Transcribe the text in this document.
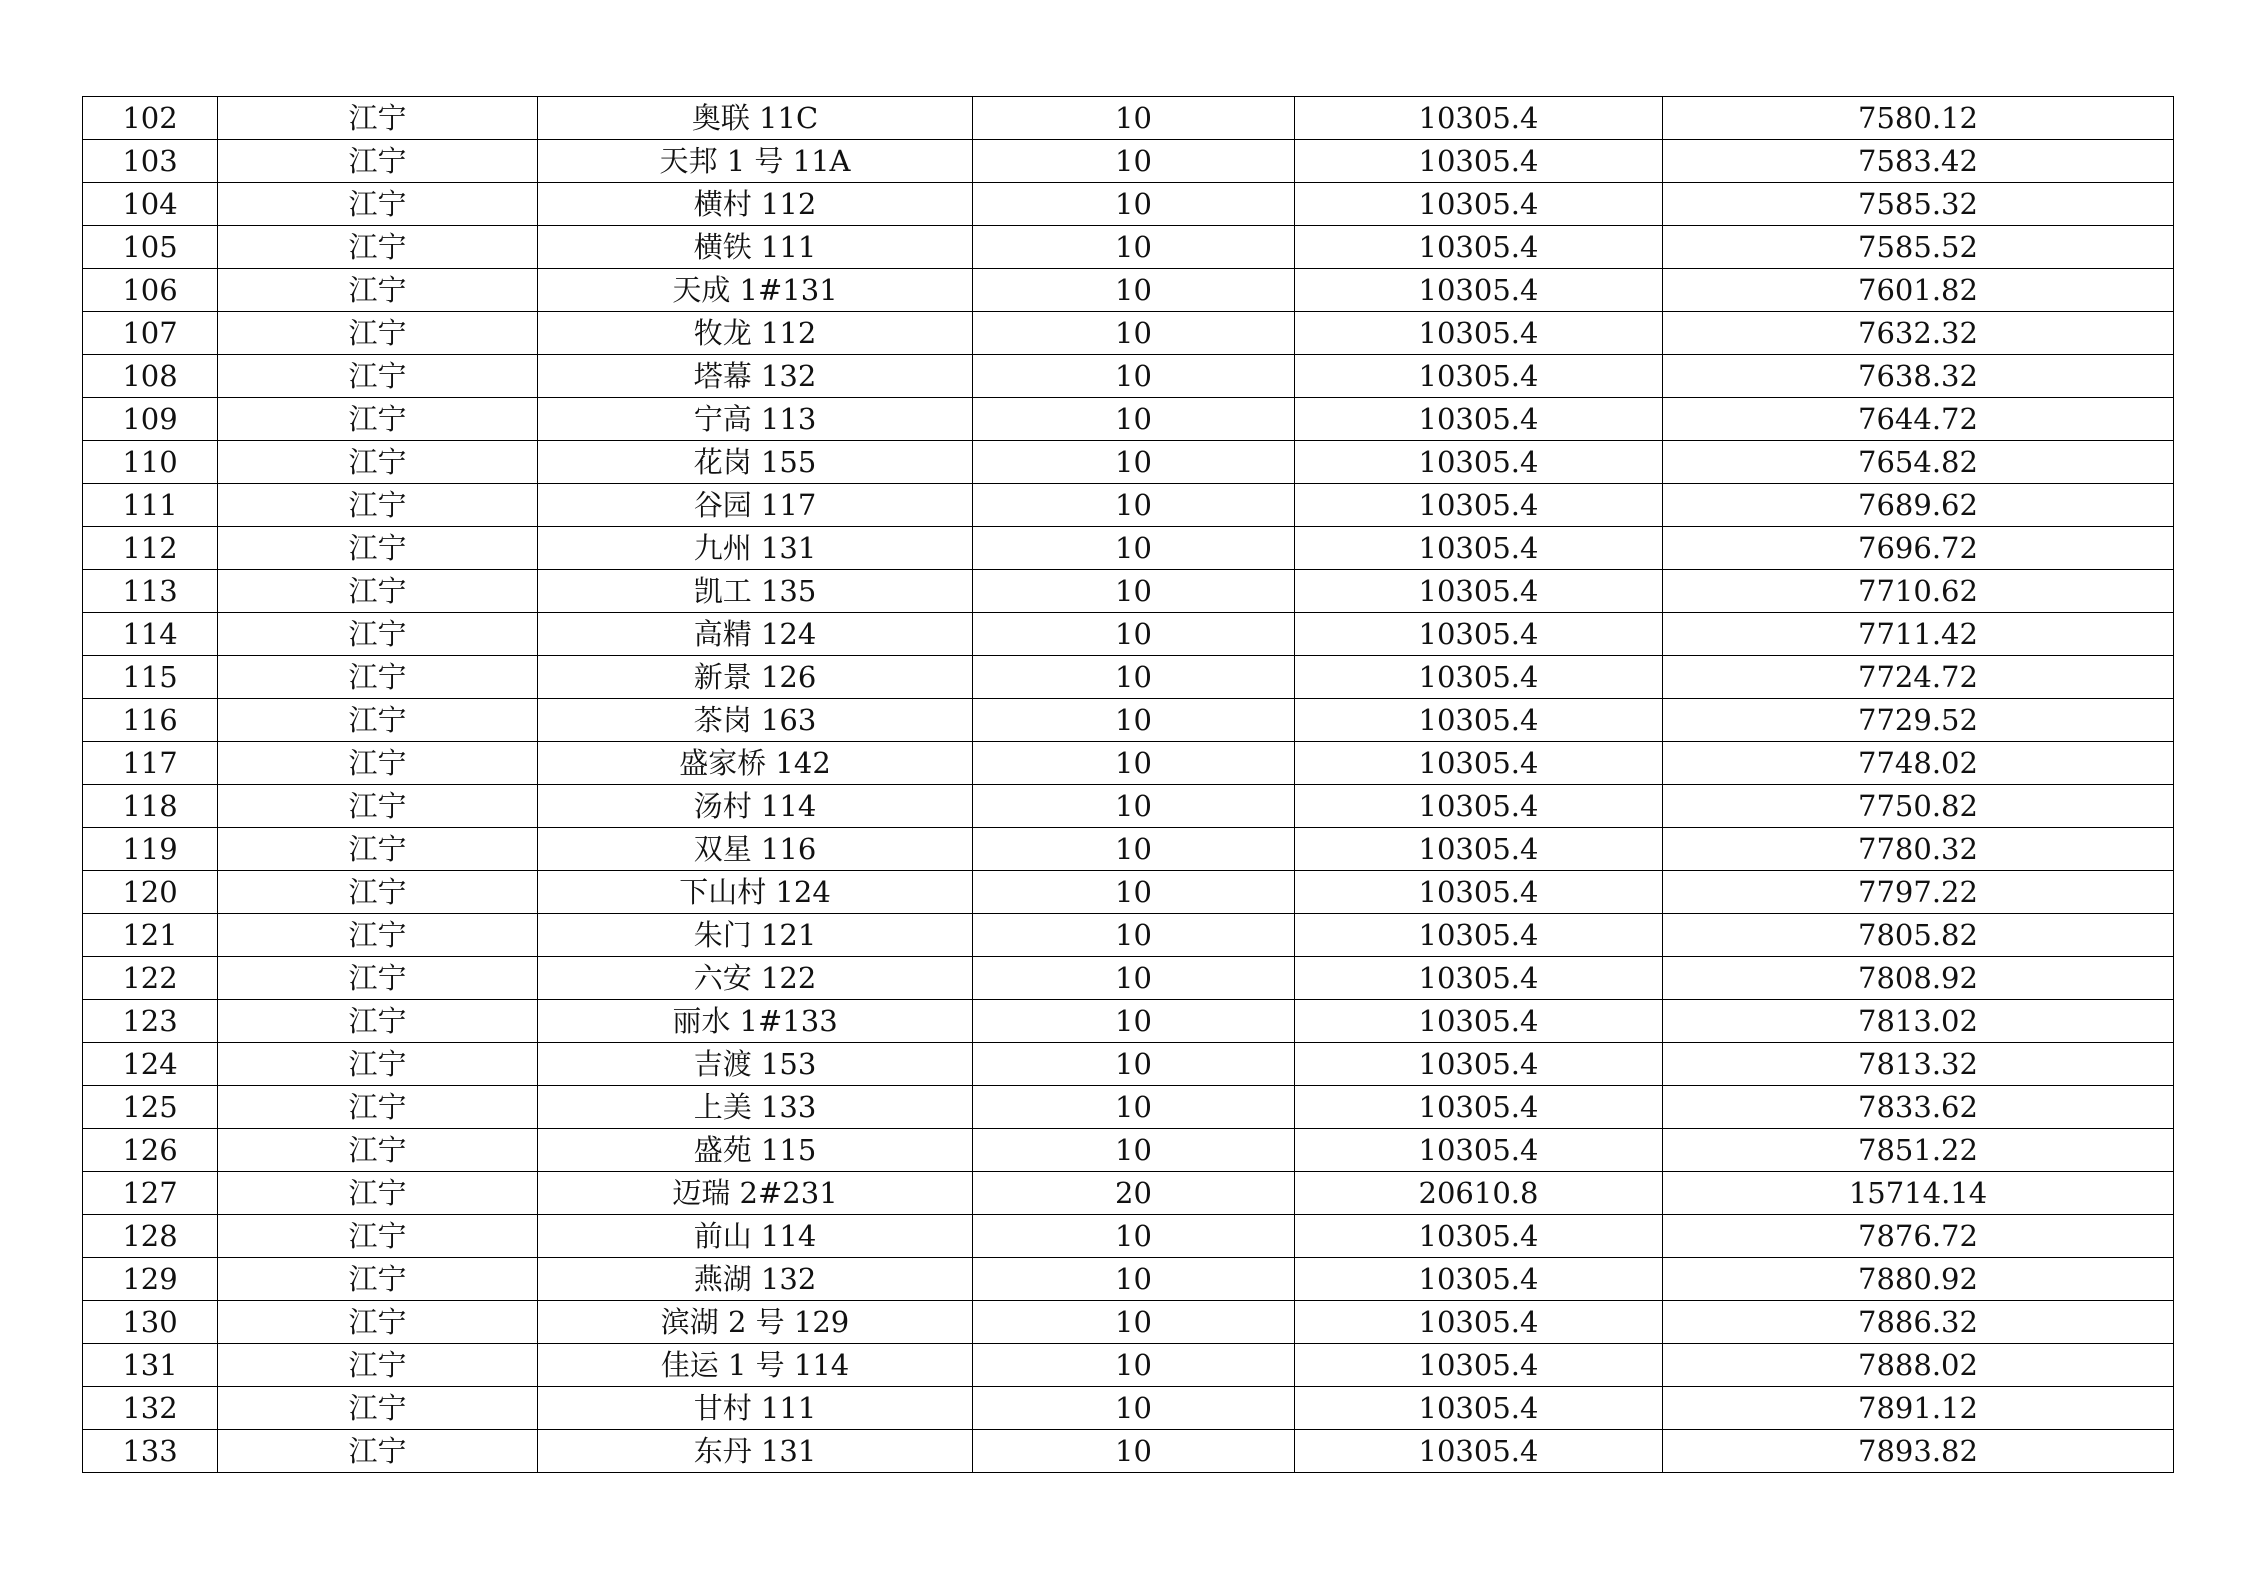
102	江宁	奥联 11C	10	10305.4	7580.12
103	江宁	天邦 1 号 11A	10	10305.4	7583.42
104	江宁	横村 112	10	10305.4	7585.32
105	江宁	横铁 111	10	10305.4	7585.52
106	江宁	天成 1#131	10	10305.4	7601.82
107	江宁	牧龙 112	10	10305.4	7632.32
108	江宁	塔幕 132	10	10305.4	7638.32
109	江宁	宁高 113	10	10305.4	7644.72
110	江宁	花岗 155	10	10305.4	7654.82
111	江宁	谷园 117	10	10305.4	7689.62
112	江宁	九州 131	10	10305.4	7696.72
113	江宁	凯工 135	10	10305.4	7710.62
114	江宁	高精 124	10	10305.4	7711.42
115	江宁	新景 126	10	10305.4	7724.72
116	江宁	茶岗 163	10	10305.4	7729.52
117	江宁	盛家桥 142	10	10305.4	7748.02
118	江宁	汤村 114	10	10305.4	7750.82
119	江宁	双星 116	10	10305.4	7780.32
120	江宁	下山村 124	10	10305.4	7797.22
121	江宁	朱门 121	10	10305.4	7805.82
122	江宁	六安 122	10	10305.4	7808.92
123	江宁	丽水 1#133	10	10305.4	7813.02
124	江宁	吉渡 153	10	10305.4	7813.32
125	江宁	上美 133	10	10305.4	7833.62
126	江宁	盛苑 115	10	10305.4	7851.22
127	江宁	迈瑞 2#231	20	20610.8	15714.14
128	江宁	前山 114	10	10305.4	7876.72
129	江宁	燕湖 132	10	10305.4	7880.92
130	江宁	滨湖 2 号 129	10	10305.4	7886.32
131	江宁	佳运 1 号 114	10	10305.4	7888.02
132	江宁	甘村 111	10	10305.4	7891.12
133	江宁	东丹 131	10	10305.4	7893.82
